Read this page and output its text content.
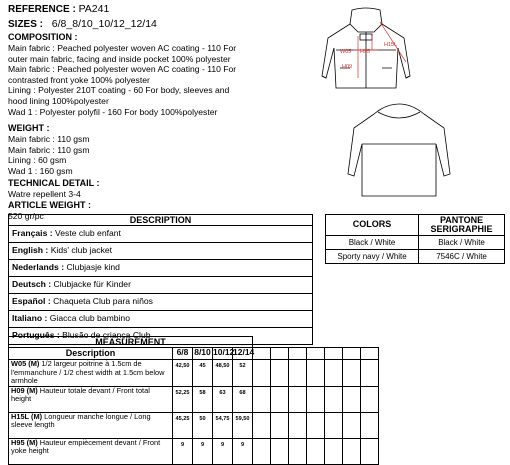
REFERENCE : PA241
SIZES : 6/8_8/10_10/12_12/14
COMPOSITION :
Main fabric : Peached polyester woven AC coating - 110 For
outer main fabric, facing and inside pocket 100% polyester
Main fabric : Peached polyester woven AC coating - 110 For
contrasted front yoke 100% polyester
Lining : Polyester 210T coating - 60 For body, sleeves and
hood lining 100%polyester
Wad 1 : Polyester polyfil - 160 For body 100%polyester
WEIGHT :
Main fabric : 110 gsm
Main fabric : 110 gsm
Lining : 60 gsm
Wad 1 : 160 gsm
TECHNICAL DETAIL :
Watre repellent 3-4
ARTICLE WEIGHT :
520 gr/pc
H15L
W05 H95
H09
DESCRIPTION
Français : Veste club enfant
English : Kids' club jacket
Nederlands : Clubjasje kind
Deutsch : Clubjacke für Kinder
Español : Chaqueta Club para niños
Italiano : Giacca club bambino
Português : Blusão de criança Club
COLORS	PANTONE
SERIGRAPHIE
Black / White	Black / White
Sporty navy / White	7546C / White
MEASUREMENT												
Description	6/8	8/10	10/12	12/14								
W05 (M) 1/2 largeur poitrine à 1.5cm de l'emmanchure / 1/2 chest width at 1.5cm below armhole	42,50	45	48,50	52								
H09 (M) Hauteur totale devant / Front total height	52,25	58	63	68								
H15L (M) Longueur manche longue / Long sleeve length	45,25	50	54,75	59,50								
H95 (M) Hauteur empiècement devant / Front yoke height	9	9	9	9								
